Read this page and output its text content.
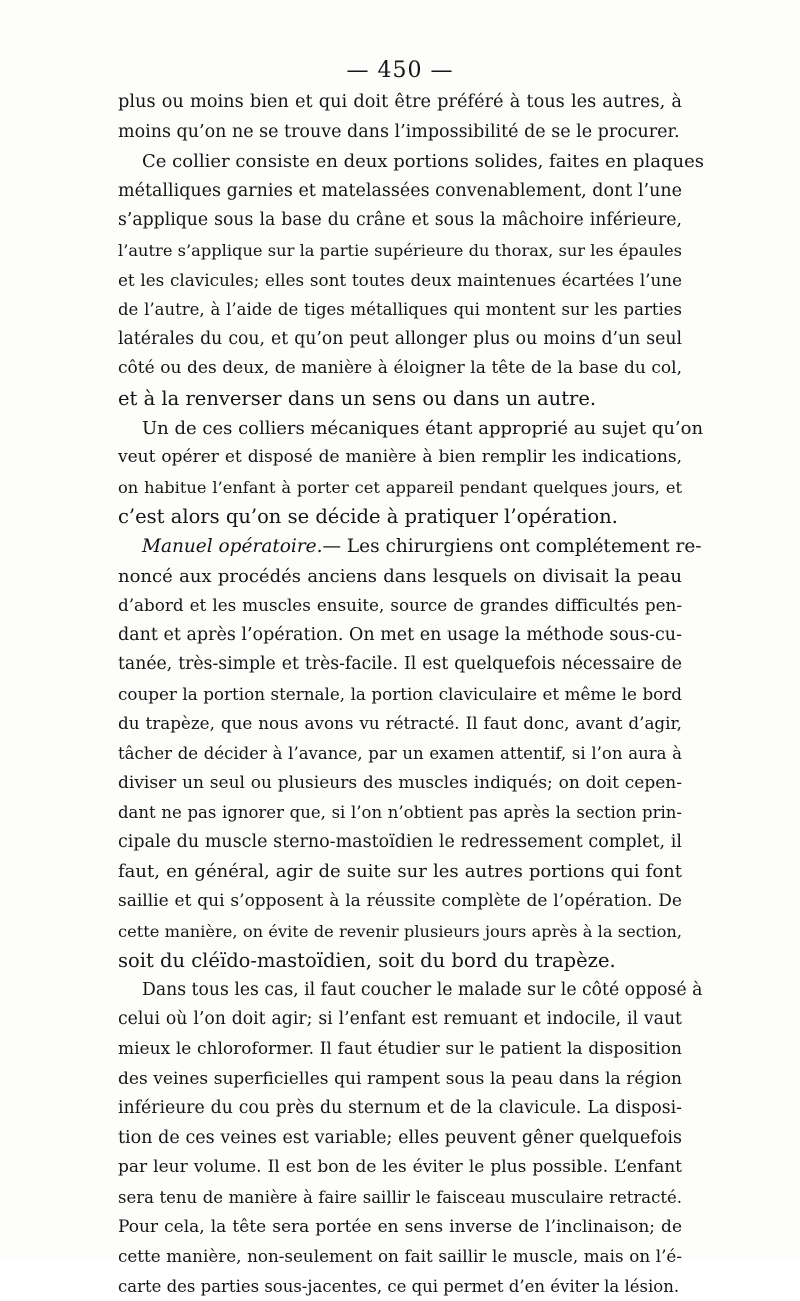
— 450 —
plus ou moins bien et qui doit être préféré à tous les autres, à
moins qu’on ne se trouve dans l’impossibilité de se le procurer.
Ce collier consiste en deux portions solides, faites en plaques
métalliques garnies et matelassées convenablement, dont l’une
s’applique sous la base du crâne et sous la mâchoire inférieure,
l’autre s’applique sur la partie supérieure du thorax, sur les épaules
et les clavicules; elles sont toutes deux maintenues écartées l’une
de l’autre, à l’aide de tiges métalliques qui montent sur les parties
latérales du cou, et qu’on peut allonger plus ou moins d’un seul
côté ou des deux, de manière à éloigner la tête de la base du col,
et à la renverser dans un sens ou dans un autre.
Un de ces colliers mécaniques étant approprié au sujet qu’on
veut opérer et disposé de manière à bien remplir les indications,
on habitue l’enfant à porter cet appareil pendant quelques jours, et
c’est alors qu’on se décide à pratiquer l’opération.
Manuel opératoire.— Les chirurgiens ont complétement re-
noncé aux procédés anciens dans lesquels on divisait la peau
d’abord et les muscles ensuite, source de grandes difficultés pen-
dant et après l’opération. On met en usage la méthode sous-cu-
tanée, très-simple et très-facile. Il est quelquefois nécessaire de
couper la portion sternale, la portion claviculaire et même le bord
du trapèze, que nous avons vu rétracté. Il faut donc, avant d’agir,
tâcher de décider à l’avance, par un examen attentif, si l’on aura à
diviser un seul ou plusieurs des muscles indiqués; on doit cepen-
dant ne pas ignorer que, si l’on n’obtient pas après la section prin-
cipale du muscle sterno-mastoïdien le redressement complet, il
faut, en général, agir de suite sur les autres portions qui font
saillie et qui s’opposent à la réussite complète de l’opération. De
cette manière, on évite de revenir plusieurs jours après à la section,
soit du cléïdo-mastoïdien, soit du bord du trapèze.
Dans tous les cas, il faut coucher le malade sur le côté opposé à
celui où l’on doit agir; si l’enfant est remuant et indocile, il vaut
mieux le chloroformer. Il faut étudier sur le patient la disposition
des veines superficielles qui rampent sous la peau dans la région
inférieure du cou près du sternum et de la clavicule. La disposi-
tion de ces veines est variable; elles peuvent gêner quelquefois
par leur volume. Il est bon de les éviter le plus possible. L’enfant
sera tenu de manière à faire saillir le faisceau musculaire retracté.
Pour cela, la tête sera portée en sens inverse de l’inclinaison; de
cette manière, non-seulement on fait saillir le muscle, mais on l’é-
carte des parties sous-jacentes, ce qui permet d’en éviter la lésion.
